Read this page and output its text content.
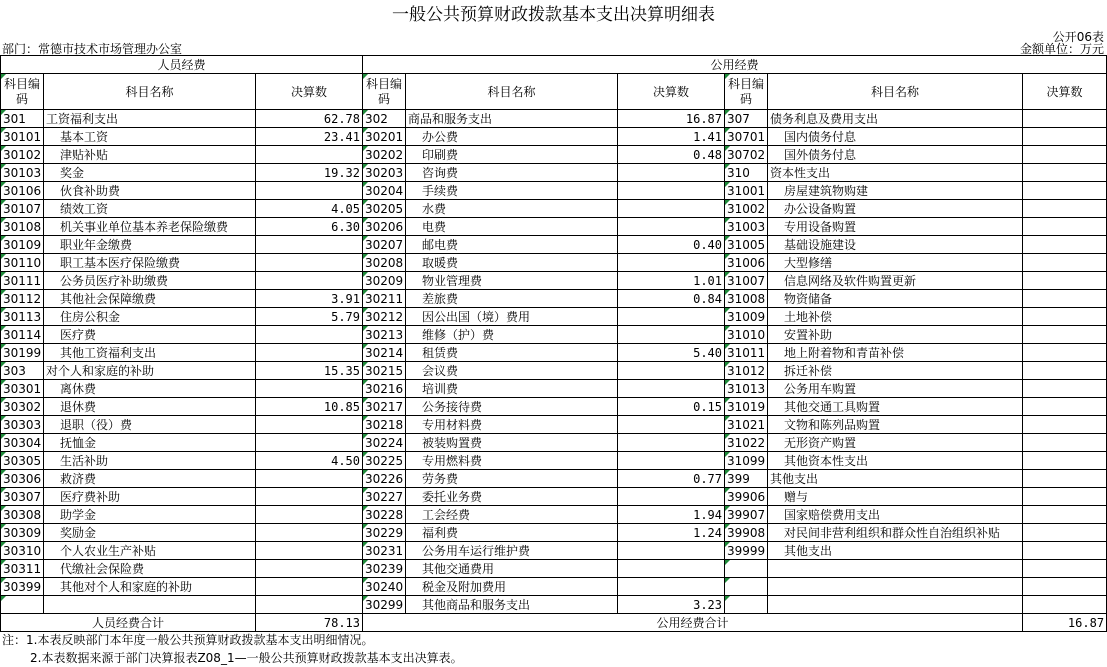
一般公共预算财政拨款基本支出决算明细表
公开06表
部门：常德市技术市场管理办公室	金额单位：万元
人员经费			公用经费					
科目编码	科目名称	决算数	科目编码	科目名称	决算数	科目编码	科目名称	决算数
301	工资福利支出	62.78	302	商品和服务支出	16.87	307	债务利息及费用支出	
30101	基本工资	23.41	30201	办公费	1.41	30701	国内债务付息	
30102	津贴补贴		30202	印刷费	0.48	30702	国外债务付息	
30103	奖金	19.32	30203	咨询费		310	资本性支出	
30106	伙食补助费		30204	手续费		31001	房屋建筑物购建	
30107	绩效工资	4.05	30205	水费		31002	办公设备购置	
30108	机关事业单位基本养老保险缴费	6.30	30206	电费		31003	专用设备购置	
30109	职业年金缴费		30207	邮电费	0.40	31005	基础设施建设	
30110	职工基本医疗保险缴费		30208	取暖费		31006	大型修缮	
30111	公务员医疗补助缴费		30209	物业管理费	1.01	31007	信息网络及软件购置更新	
30112	其他社会保障缴费	3.91	30211	差旅费	0.84	31008	物资储备	
30113	住房公积金	5.79	30212	因公出国（境）费用		31009	土地补偿	
30114	医疗费		30213	维修（护）费		31010	安置补助	
30199	其他工资福利支出		30214	租赁费	5.40	31011	地上附着物和青苗补偿	
303	对个人和家庭的补助	15.35	30215	会议费		31012	拆迁补偿	
30301	离休费		30216	培训费		31013	公务用车购置	
30302	退休费	10.85	30217	公务接待费	0.15	31019	其他交通工具购置	
30303	退职（役）费		30218	专用材料费		31021	文物和陈列品购置	
30304	抚恤金		30224	被装购置费		31022	无形资产购置	
30305	生活补助	4.50	30225	专用燃料费		31099	其他资本性支出	
30306	救济费		30226	劳务费	0.77	399	其他支出	
30307	医疗费补助		30227	委托业务费		39906	赠与	
30308	助学金		30228	工会经费	1.94	39907	国家赔偿费用支出	
30309	奖励金		30229	福利费	1.24	39908	对民间非营利组织和群众性自治组织补贴	
30310	个人农业生产补贴		30231	公务用车运行维护费		39999	其他支出	
30311	代缴社会保险费		30239	其他交通费用				
30399	其他对个人和家庭的补助		30240	税金及附加费用				
			30299	其他商品和服务支出	3.23			
人员经费合计		78.13	公用经费合计					16.87
注：1.本表反映部门本年度一般公共预算财政拨款基本支出明细情况。
2.本表数据来源于部门决算报表Z08_1—一般公共预算财政拨款基本支出决算表。
